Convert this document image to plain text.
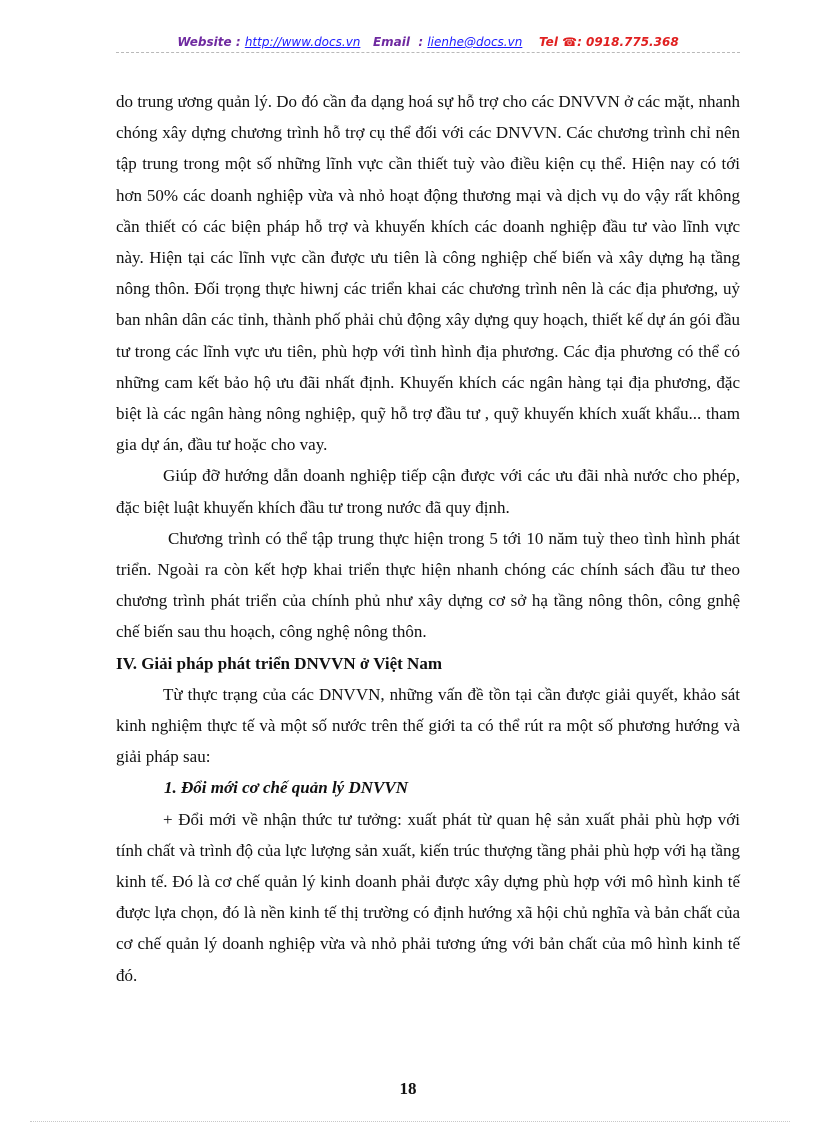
Website : http://www.docs.vn Email : lienhe@docs.vn Tel ☎: 0918.775.368

do trung ương quản lý. Do đó cần đa dạng hoá sự hỗ trợ cho các DNVVN ở các mặt, nhanh chóng xây dựng chương trình hỗ trợ cụ thể đối với các DNVVN. Các chương trình chỉ nên tập trung trong một số những lĩnh vực cần thiết tuỳ vào điều kiện cụ thể. Hiện nay có tới hơn 50% các doanh nghiệp vừa và nhỏ hoạt động thương mại và dịch vụ do vậy rất không cần thiết có các biện pháp hỗ trợ và khuyến khích các doanh nghiệp đầu tư vào lĩnh vực này. Hiện tại các lĩnh vực cần được ưu tiên là công nghiệp chế biến và xây dựng hạ tầng nông thôn. Đối trọng thực hiwnj các triển khai các chương trình nên là các địa phương, uỷ ban nhân dân các tỉnh, thành phố phải chủ động xây dựng quy hoạch, thiết kế dự án gói đầu tư trong các lĩnh vực ưu tiên, phù hợp với tình hình địa phương. Các địa phương có thể có những cam kết bảo hộ ưu đãi nhất định. Khuyến khích các ngân hàng tại địa phương, đặc biệt là các ngân hàng nông nghiệp, quỹ hỗ trợ đầu tư , quỹ khuyến khích xuất khẩu... tham gia dự án, đầu tư hoặc cho vay.

Giúp đỡ hướng dẫn doanh nghiệp tiếp cận được với các ưu đãi nhà nước cho phép, đặc biệt luật khuyến khích đầu tư trong nước đã quy định.

Chương trình có thể tập trung thực hiện trong 5 tới 10 năm tuỳ theo tình hình phát triển. Ngoài ra còn kết hợp khai triển thực hiện nhanh chóng các chính sách đầu tư theo chương trình phát triển của chính phủ như xây dựng cơ sở hạ tầng nông thôn, công gnhệ chế biến sau thu hoạch, công nghệ nông thôn.

IV. Giải pháp phát triển DNVVN ở Việt Nam

Từ thực trạng của các DNVVN, những vấn đề tồn tại cần được giải quyết, khảo sát kinh nghiệm thực tế và một số nước trên thế giới ta có thể rút ra một số phương hướng và giải pháp sau:

1. Đổi mới cơ chế quản lý DNVVN

+ Đổi mới về nhận thức tư tưởng: xuất phát từ quan hệ sản xuất phải phù hợp với tính chất và trình độ của lực lượng sản xuất, kiến trúc thượng tầng phải phù hợp với hạ tầng kinh tế. Đó là cơ chế quản lý kinh doanh phải được xây dựng phù hợp với mô hình kinh tế được lựa chọn, đó là nền kinh tế thị trường có định hướng xã hội chủ nghĩa và bản chất của cơ chế quản lý doanh nghiệp vừa và nhỏ phải tương ứng với bản chất của mô hình kinh tế đó.

18
